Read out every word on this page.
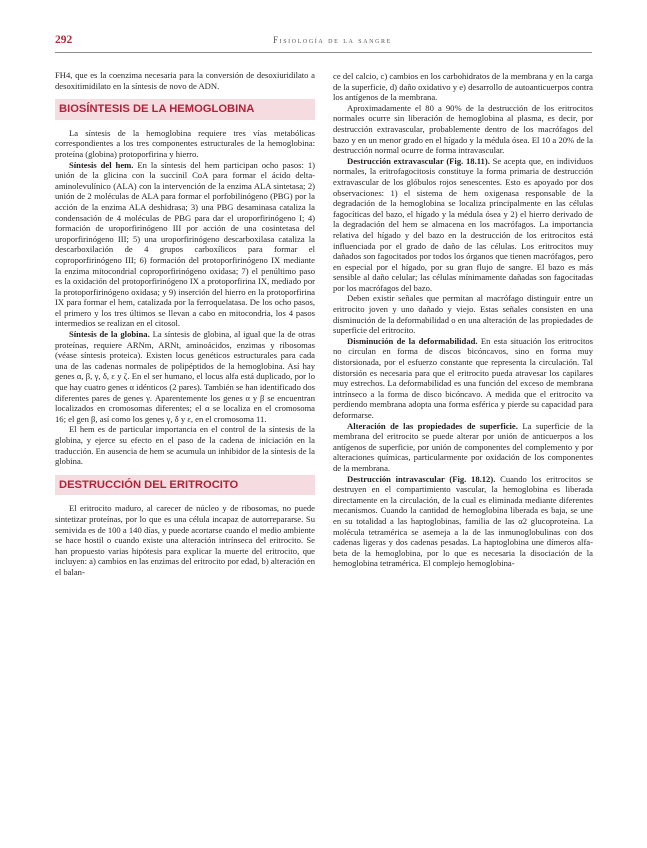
292	Fisiología de la sangre

FH4, que es la coenzima necesaria para la conversión de desoxiuridilato a desoxitimidilato en la síntesis de novo de ADN.

BIOSÍNTESIS DE LA HEMOGLOBINA

La síntesis de la hemoglobina requiere tres vías metabólicas correspondientes a los tres componentes estructurales de la hemoglobina: proteína (globina) protoporfirina y hierro.

Síntesis del hem. En la síntesis del hem participan ocho pasos: 1) unión de la glicina con la succinil CoA para formar el ácido delta-aminolevulínico (ALA) con la intervención de la enzima ALA sintetasa; 2) unión de 2 moléculas de ALA para formar el porfobilinógeno (PBG) por la acción de la enzima ALA deshidrasa; 3) una PBG desaminasa cataliza la condensación de 4 moléculas de PBG para dar el uroporfirinógeno I; 4) formación de uroporfirinógeno III por acción de una cosintetasa del uroporfirinógeno III; 5) una uroporfirinógeno descarboxilasa cataliza la descarboxilación de 4 grupos carboxílicos para formar el coproporfirinógeno III; 6) formación del protoporfirinógeno IX mediante la enzima mitocondrial coproporfirinógeno oxidasa; 7) el penúltimo paso es la oxidación del protoporfirinógeno IX a protoporfirina IX, mediado por la protoporfirinógeno oxidasa; y 9) inserción del hierro en la protoporfirina IX para formar el hem, catalizada por la ferroquelatasa. De los ocho pasos, el primero y los tres últimos se llevan a cabo en mitocondria, los 4 pasos intermedios se realizan en el citosol.

Síntesis de la globina. La síntesis de globina, al igual que la de otras proteínas, requiere ARNm, ARNt, aminoácidos, enzimas y ribosomas (véase síntesis proteica). Existen locus genéticos estructurales para cada una de las cadenas normales de polipéptidos de la hemoglobina. Así hay genes α, β, γ, δ, ε y ζ. En el ser humano, el locus alfa está duplicado, por lo que hay cuatro genes α idénticos (2 pares). También se han identificado dos diferentes pares de genes γ. Aparentemente los genes α y β se encuentran localizados en cromosomas diferentes; el α se localiza en el cromosoma 16; el gen β, así como los genes γ, δ y ε, en el cromosoma 11.

El hem es de particular importancia en el control de la síntesis de la globina, y ejerce su efecto en el paso de la cadena de iniciación en la traducción. En ausencia de hem se acumula un inhibidor de la síntesis de la globina.

DESTRUCCIÓN DEL ERITROCITO

El eritrocito maduro, al carecer de núcleo y de ribosomas, no puede sintetizar proteínas, por lo que es una célula incapaz de autorrepararse. Su semivida es de 100 a 140 días, y puede acortarse cuando el medio ambiente se hace hostil o cuando existe una alteración intrínseca del eritrocito. Se han propuesto varias hipótesis para explicar la muerte del eritrocito, que incluyen: a) cambios en las enzimas del eritrocito por edad, b) alteración en el balan-

ce del calcio, c) cambios en los carbohidratos de la membrana y en la carga de la superficie, d) daño oxidativo y e) desarrollo de autoanticuerpos contra los antígenos de la membrana.

Aproximadamente el 80 a 90% de la destrucción de los eritrocitos normales ocurre sin liberación de hemoglobina al plasma, es decir, por destrucción extravascular, probablemente dentro de los macrófagos del bazo y en un menor grado en el hígado y la médula ósea. El 10 a 20% de la destrucción normal ocurre de forma intravascular.

Destrucción extravascular (Fig. 18.11). Se acepta que, en individuos normales, la eritrofagocitosis constituye la forma primaria de destrucción extravascular de los glóbulos rojos senescentes. Esto es apoyado por dos observaciones: 1) el sistema de hem oxigenasa responsable de la degradación de la hemoglobina se localiza principalmente en las células fagocíticas del bazo, el hígado y la médula ósea y 2) el hierro derivado de la degradación del hem se almacena en los macrófagos. La importancia relativa del hígado y del bazo en la destrucción de los eritrocitos está influenciada por el grado de daño de las células. Los eritrocitos muy dañados son fagocitados por todos los órganos que tienen macrófagos, pero en especial por el hígado, por su gran flujo de sangre. El bazo es más sensible al daño celular; las células mínimamente dañadas son fagocitadas por los macrófagos del bazo.

Deben existir señales que permitan al macrófago distinguir entre un eritrocito joven y uno dañado y viejo. Estas señales consisten en una disminución de la deformabilidad o en una alteración de las propiedades de superficie del eritrocito.

Disminución de la deformabilidad. En esta situación los eritrocitos no circulan en forma de discos bicóncavos, sino en forma muy distorsionada, por el esfuerzo constante que representa la circulación. Tal distorsión es necesaria para que el eritrocito pueda atravesar los capilares muy estrechos. La deformabilidad es una función del exceso de membrana intrínseco a la forma de disco bicóncavo. A medida que el eritrocito va perdiendo membrana adopta una forma esférica y pierde su capacidad para deformarse.

Alteración de las propiedades de superficie. La superficie de la membrana del eritrocito se puede alterar por unión de anticuerpos a los antígenos de superficie, por unión de componentes del complemento y por alteraciones químicas, particularmente por oxidación de los componentes de la membrana.

Destrucción intravascular (Fig. 18.12). Cuando los eritrocitos se destruyen en el compartimiento vascular, la hemoglobina es liberada directamente en la circulación, de la cual es eliminada mediante diferentes mecanismos. Cuando la cantidad de hemoglobina liberada es baja, se une en su totalidad a las haptoglobinas, familia de las α2 glucoproteína. La molécula tetramérica se asemeja a la de las inmunoglobulinas con dos cadenas ligeras y dos cadenas pesadas. La haptoglobina une dímeros alfa-beta de la hemoglobina, por lo que es necesaria la disociación de la hemoglobina tetramérica. El complejo hemoglobina-
